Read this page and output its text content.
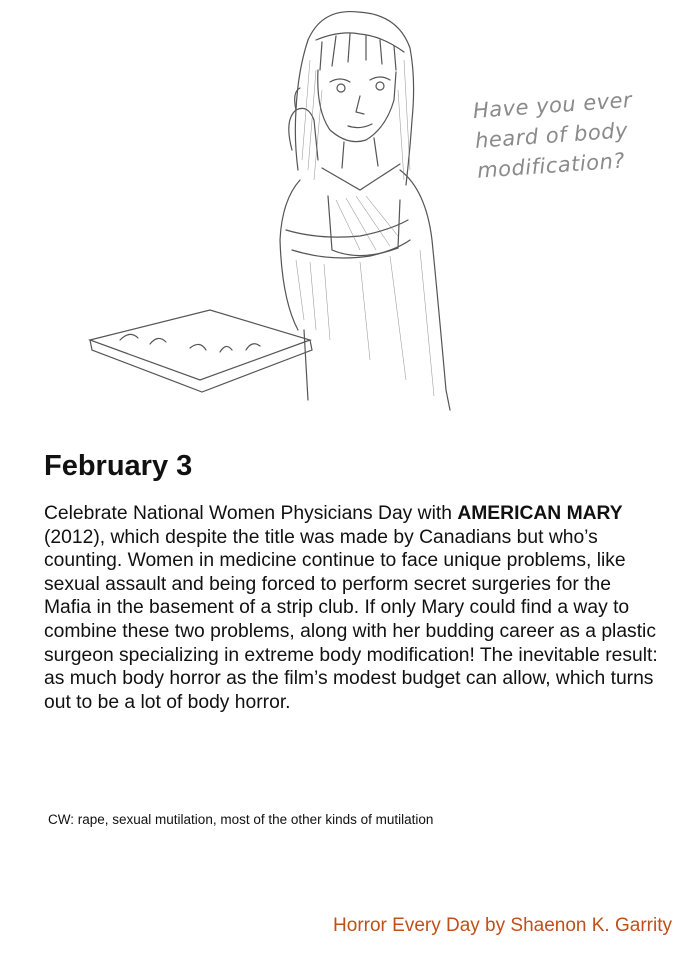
Have you ever
heard of body
modification?
February 3

Celebrate National Women Physicians Day with AMERICAN MARY (2012), which despite the title was made by Canadians but who’s counting. Women in medicine continue to face unique problems, like sexual assault and being forced to perform secret surgeries for the Mafia in the basement of a strip club. If only Mary could find a way to combine these two problems, along with her budding career as a plastic surgeon specializing in extreme body modification! The inevitable result: as much body horror as the film’s modest budget can allow, which turns out to be a lot of body horror.

CW: rape, sexual mutilation, most of the other kinds of mutilation

Horror Every Day by Shaenon K. Garrity
